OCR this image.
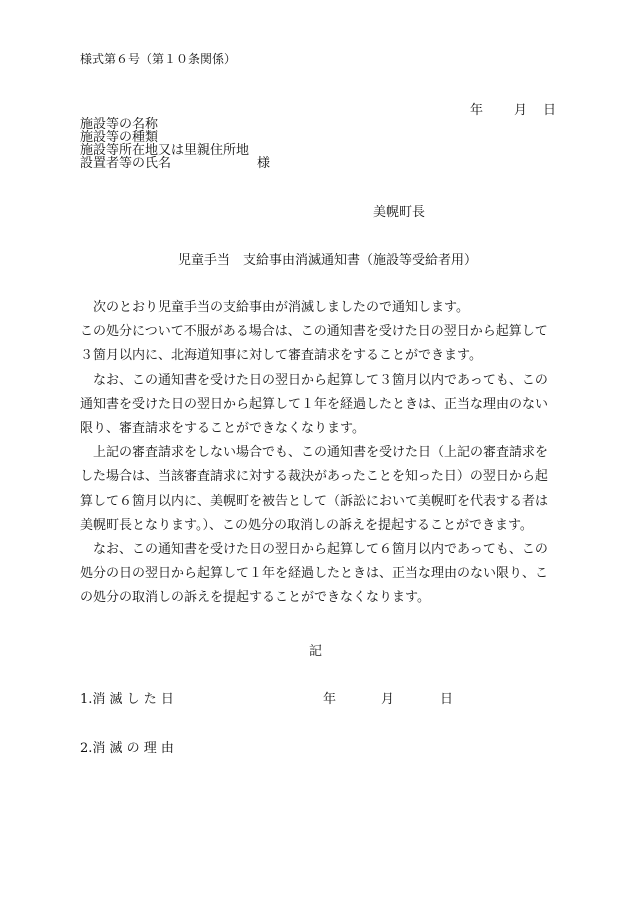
様式第６号（第１０条関係）
年 月 日
施設等の名称
施設等の種類
施設等所在地又は里親住所地
設置者等の氏名	様
美幌町長
児童手当　支給事由消滅通知書（施設等受給者用）

次のとおり児童手当の支給事由が消滅しましたので通知します。

この処分について不服がある場合は、この通知書を受けた日の翌日から起算して３箇月以内に、北海道知事に対して審査請求をすることができます。

なお、この通知書を受けた日の翌日から起算して３箇月以内であっても、この通知書を受けた日の翌日から起算して１年を経過したときは、正当な理由のない限り、審査請求をすることができなくなります。

上記の審査請求をしない場合でも、この通知書を受けた日（上記の審査請求をした場合は、当該審査請求に対する裁決があったことを知った日）の翌日から起算して６箇月以内に、美幌町を被告として（訴訟において美幌町を代表する者は美幌町長となります。）、この処分の取消しの訴えを提起することができます。

なお、この通知書を受けた日の翌日から起算して６箇月以内であっても、この処分の日の翌日から起算して１年を経過したときは、正当な理由のない限り、この処分の取消しの訴えを提起することができなくなります。

記
1.消 滅 し た 日	年	月	日
2.消 滅 の 理 由
